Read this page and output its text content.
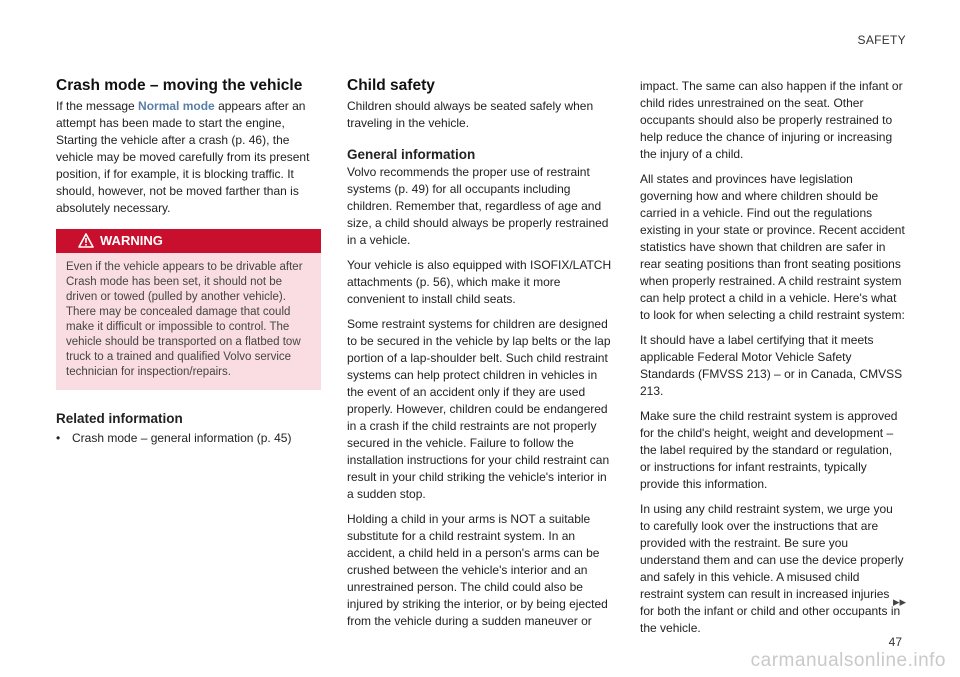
SAFETY
Crash mode – moving the vehicle

If the message Normal mode appears after an attempt has been made to start the engine, Starting the vehicle after a crash (p. 46), the vehicle may be moved carefully from its present position, if for example, it is blocking traffic. It should, however, not be moved farther than is absolutely necessary.

WARNING
Even if the vehicle appears to be drivable after Crash mode has been set, it should not be driven or towed (pulled by another vehicle). There may be concealed damage that could make it difficult or impossible to control. The vehicle should be transported on a flatbed tow truck to a trained and qualified Volvo service technician for inspection/repairs.
Related information
• Crash mode – general information (p. 45)
Child safety

Children should always be seated safely when traveling in the vehicle.

General information

Volvo recommends the proper use of restraint systems (p. 49) for all occupants including children. Remember that, regardless of age and size, a child should always be properly restrained in a vehicle.

Your vehicle is also equipped with ISOFIX/LATCH attachments (p. 56), which make it more convenient to install child seats.

Some restraint systems for children are designed to be secured in the vehicle by lap belts or the lap portion of a lap-shoulder belt. Such child restraint systems can help protect children in vehicles in the event of an accident only if they are used properly. However, children could be endangered in a crash if the child restraints are not properly secured in the vehicle. Failure to follow the installation instructions for your child restraint can result in your child striking the vehicle's interior in a sudden stop.

Holding a child in your arms is NOT a suitable substitute for a child restraint system. In an accident, a child held in a person's arms can be crushed between the vehicle's interior and an unrestrained person. The child could also be injured by striking the interior, or by being ejected from the vehicle during a sudden maneuver or

impact. The same can also happen if the infant or child rides unrestrained on the seat. Other occupants should also be properly restrained to help reduce the chance of injuring or increasing the injury of a child.

All states and provinces have legislation governing how and where children should be carried in a vehicle. Find out the regulations existing in your state or province. Recent accident statistics have shown that children are safer in rear seating positions than front seating positions when properly restrained. A child restraint system can help protect a child in a vehicle. Here's what to look for when selecting a child restraint system:

It should have a label certifying that it meets applicable Federal Motor Vehicle Safety Standards (FMVSS 213) – or in Canada, CMVSS 213.

Make sure the child restraint system is approved for the child's height, weight and development – the label required by the standard or regulation, or instructions for infant restraints, typically provide this information.

In using any child restraint system, we urge you to carefully look over the instructions that are provided with the restraint. Be sure you understand them and can use the device properly and safely in this vehicle. A misused child restraint system can result in increased injuries for both the infant or child and other occupants in the vehicle.

▸▸
47
carmanualsonline.info
